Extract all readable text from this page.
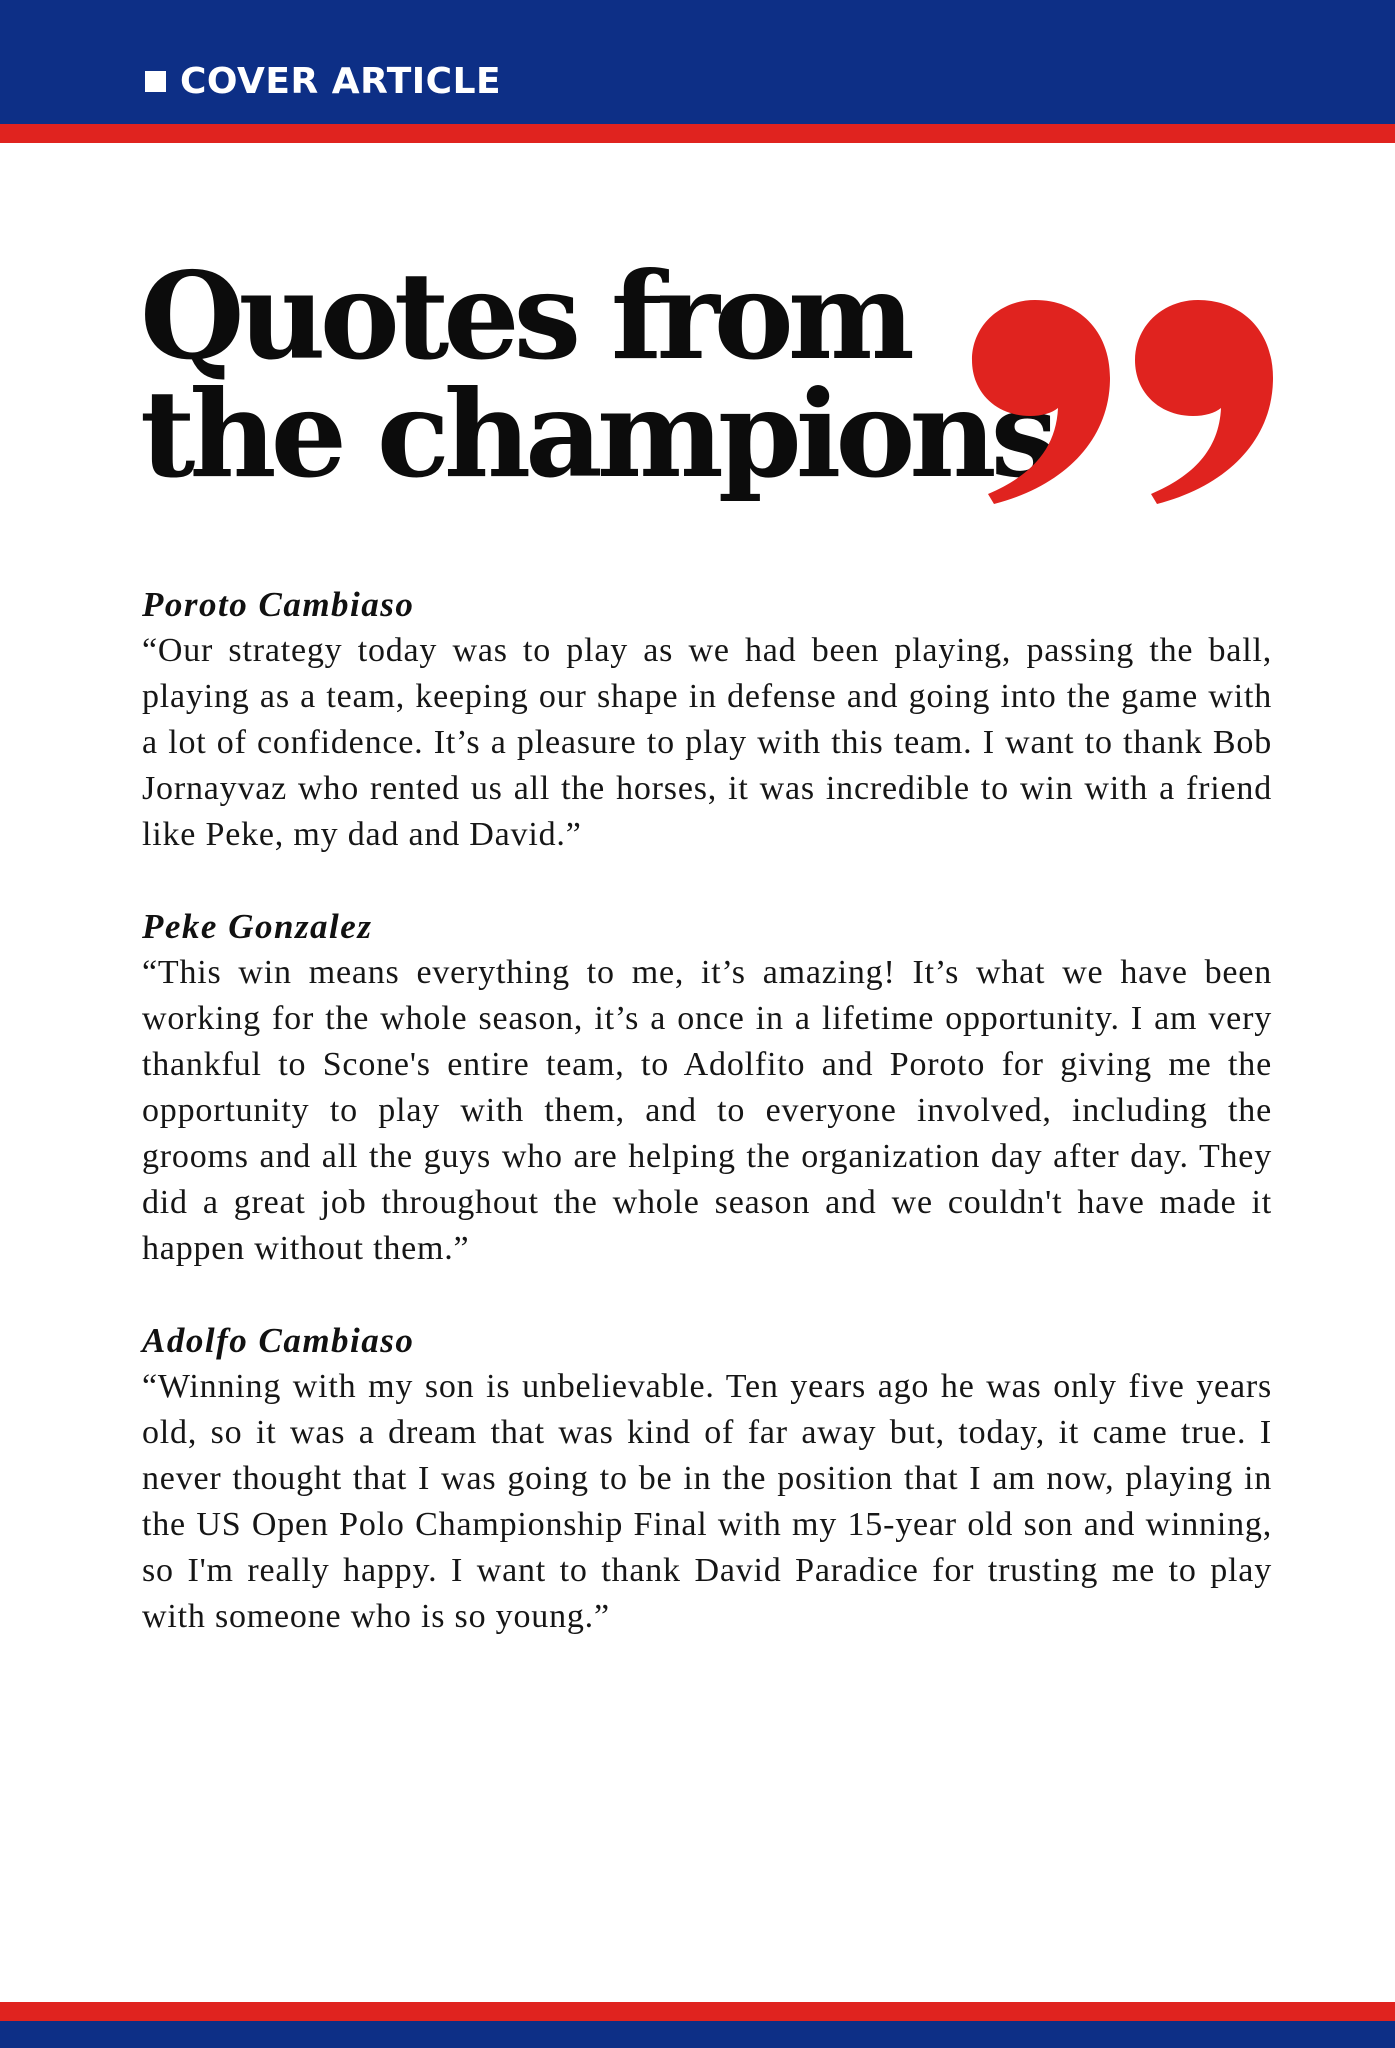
COVER ARTICLE
Quotes from
the champions

Poroto Cambiaso

“Our strategy today was to play as we had been playing, passing the ball, playing as a team, keeping our shape in defense and going into the game with a lot of confidence. It’s a pleasure to play with this team. I want to thank Bob Jornayvaz who rented us all the horses, it was incredible to win with a friend like Peke, my dad and David.”

Peke Gonzalez

“This win means everything to me, it’s amazing! It’s what we have been working for the whole season, it’s a once in a lifetime opportunity. I am very thankful to Scone's entire team, to Adolfito and Poroto for giving me the opportunity to play with them, and to everyone involved, including the grooms and all the guys who are helping the organization day after day. They did a great job throughout the whole season and we couldn't have made it happen without them.”

Adolfo Cambiaso

“Winning with my son is unbelievable. Ten years ago he was only five years old, so it was a dream that was kind of far away but, today, it came true. I never thought that I was going to be in the position that I am now, playing in the US Open Polo Championship Final with my 15-year old son and winning, so I'm really happy. I want to thank David Paradice for trusting me to play with someone who is so young.”
